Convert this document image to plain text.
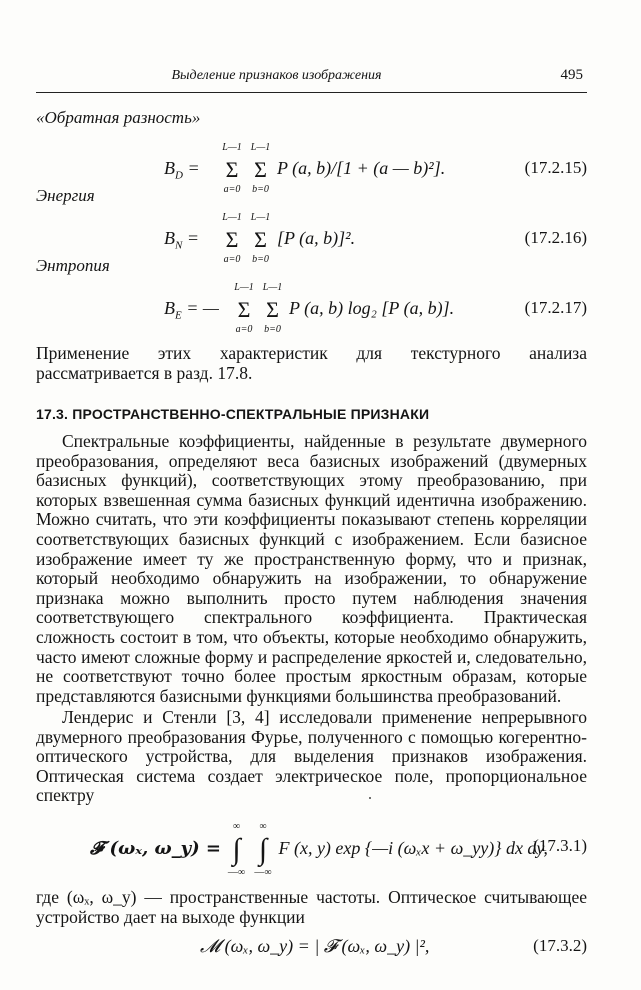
Выделение признаков изображения	495
«Обратная разность»
$B_D$ =
L—1
Σ
a=0

L—1
Σ
b=0
P (a, b)/[1 + (a — b)²].	(17.2.15)
Энергия
$B_N$ =
L—1
Σ
a=0

L—1
Σ
b=0
[P (a, b)]².	(17.2.16)
Энтропия
$B_E$ = —
L—1
Σ
a=0

L—1
Σ
b=0
P (a, b) log₂ [P (a, b)].	(17.2.17)
Применение этих характеристик для текстурного анализа рассматривается в разд. 17.8.
17.3. ПРОСТРАНСТВЕННО-СПЕКТРАЛЬНЫЕ ПРИЗНАКИ
Спектральные коэффициенты, найденные в результате двумерного преобразования, определяют веса базисных изображений (двумерных базисных функций), соответствующих этому преобразованию, при которых взвешенная сумма базисных функций идентична изображению. Можно считать, что эти коэффициенты показывают степень корреляции соответствующих базисных функций с изображением. Если базисное изображение имеет ту же пространственную форму, что и признак, который необходимо обнаружить на изображении, то обнаружение признака можно выполнить просто путем наблюдения значения соответствующего спектрального коэффициента. Практическая сложность состоит в том, что объекты, которые необходимо обнаружить, часто имеют сложные форму и распределение яркостей и, следовательно, не соответствуют точно более простым яркостным образам, которые представляются базисными функциями большинства преобразований.
Лендерис и Стенли [3, 4] исследовали применение непрерывного двумерного преобразования Фурье, полученного с помощью когерентно-оптического устройства, для выделения признаков изображения. Оптическая система создает электрическое поле, пропорциональное спектру
𝓕 (ωₓ, ω_y) =
∞
∫
—∞

∞
∫
—∞
F (x, y) exp {—i (ωₓx + ω_yy)} dx dy,
(17.3.1)
где (ωₓ, ω_y) — пространственные частоты. Оптическое считывающее устройство дает на выходе функции
𝓜 (ωₓ, ω_y) = | 𝓕 (ωₓ, ω_y) |²,	(17.3.2)
